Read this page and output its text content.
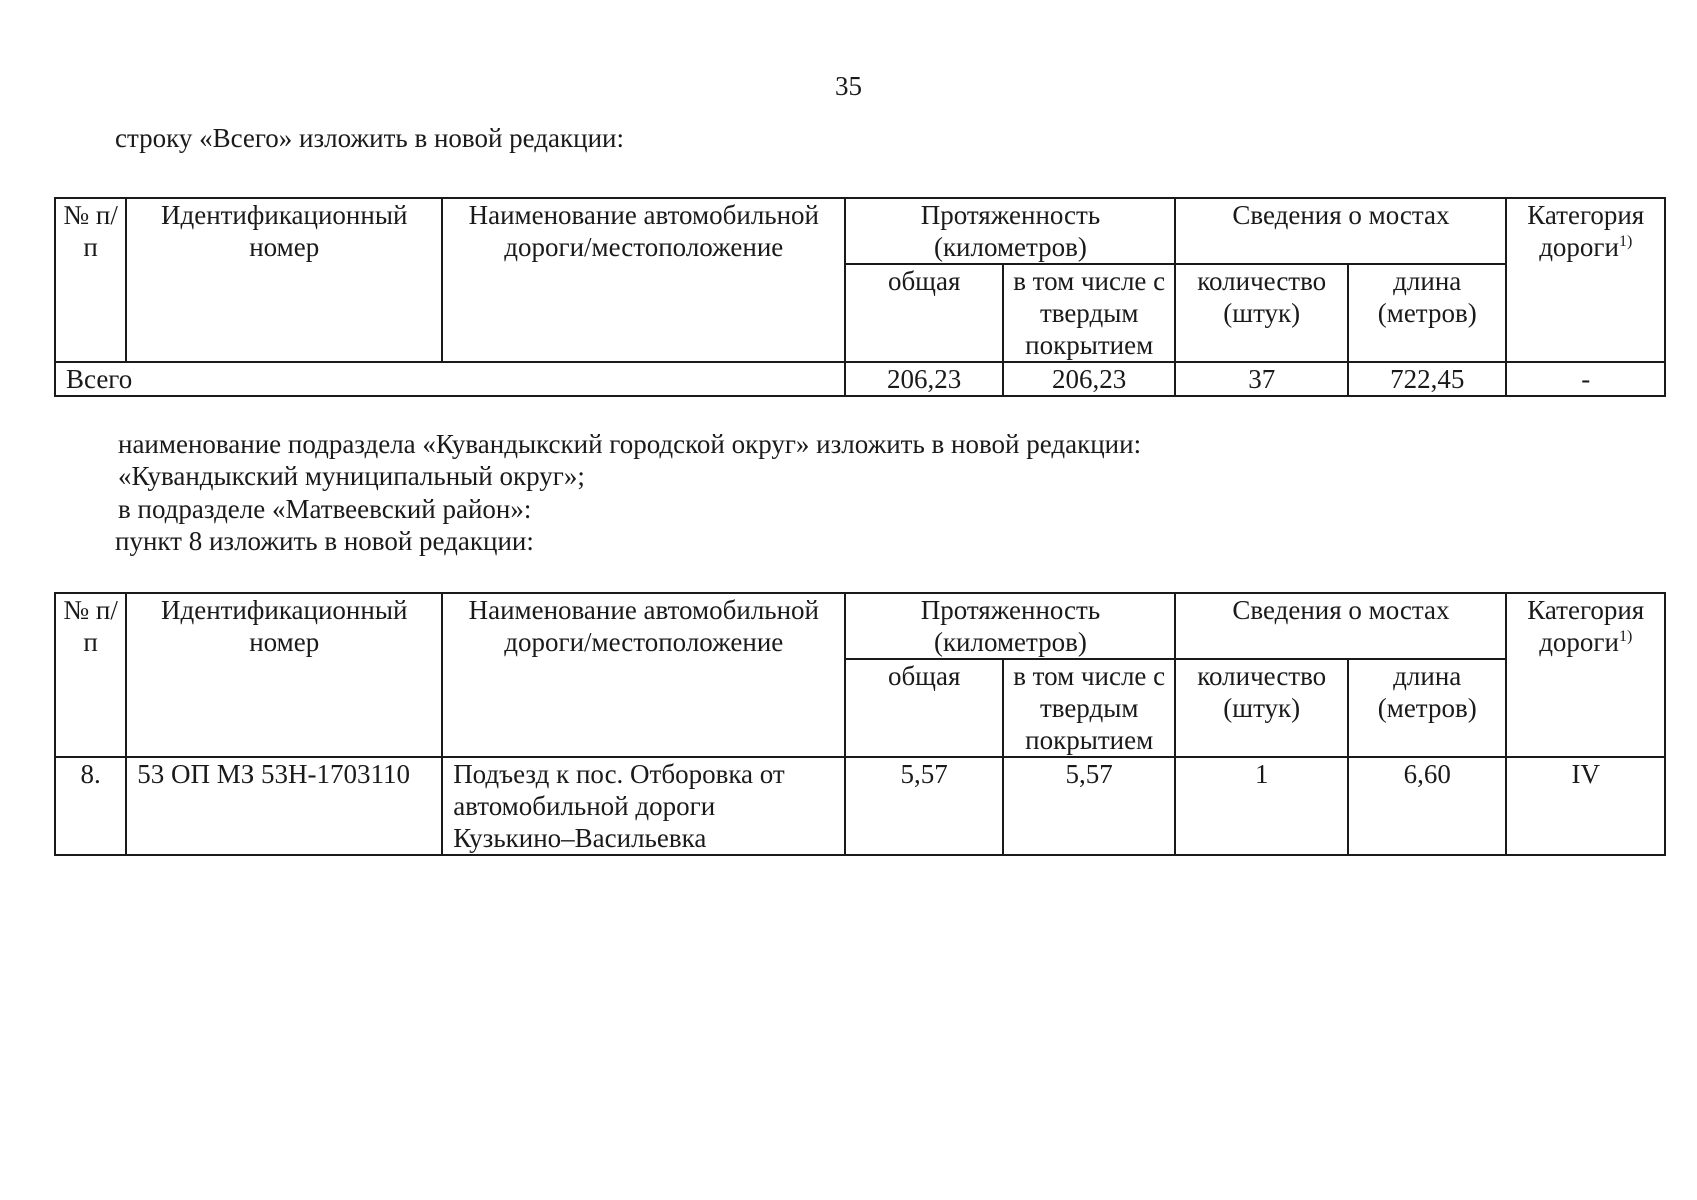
35
строку «Всего» изложить в новой редакции:
№ п/п	Идентификационный номер	Наименование автомобильной дороги/местоположение	Протяженность (километров)		Сведения о мостах		Категория дороги$^{1)}$
			общая	в том числе с твердым покрытием	количество (штук)	длина (метров)	
Всего			206,23	206,23	37	722,45	-
наименование подраздела «Кувандыкский городской округ» изложить в новой редакции:
«Кувандыкский муниципальный округ»;
в подразделе «Матвеевский район»:
пункт 8 изложить в новой редакции:
№ п/п	Идентификационный номер	Наименование автомобильной дороги/местоположение	Протяженность (километров)		Сведения о мостах		Категория дороги$^{1)}$
			общая	в том числе с твердым покрытием	количество (штук)	длина (метров)	
8.	53 ОП МЗ 53Н-1703110	Подъезд к пос. Отборовка от автомобильной дороги Кузькино–Васильевка	5,57	5,57	1	6,60	IV
